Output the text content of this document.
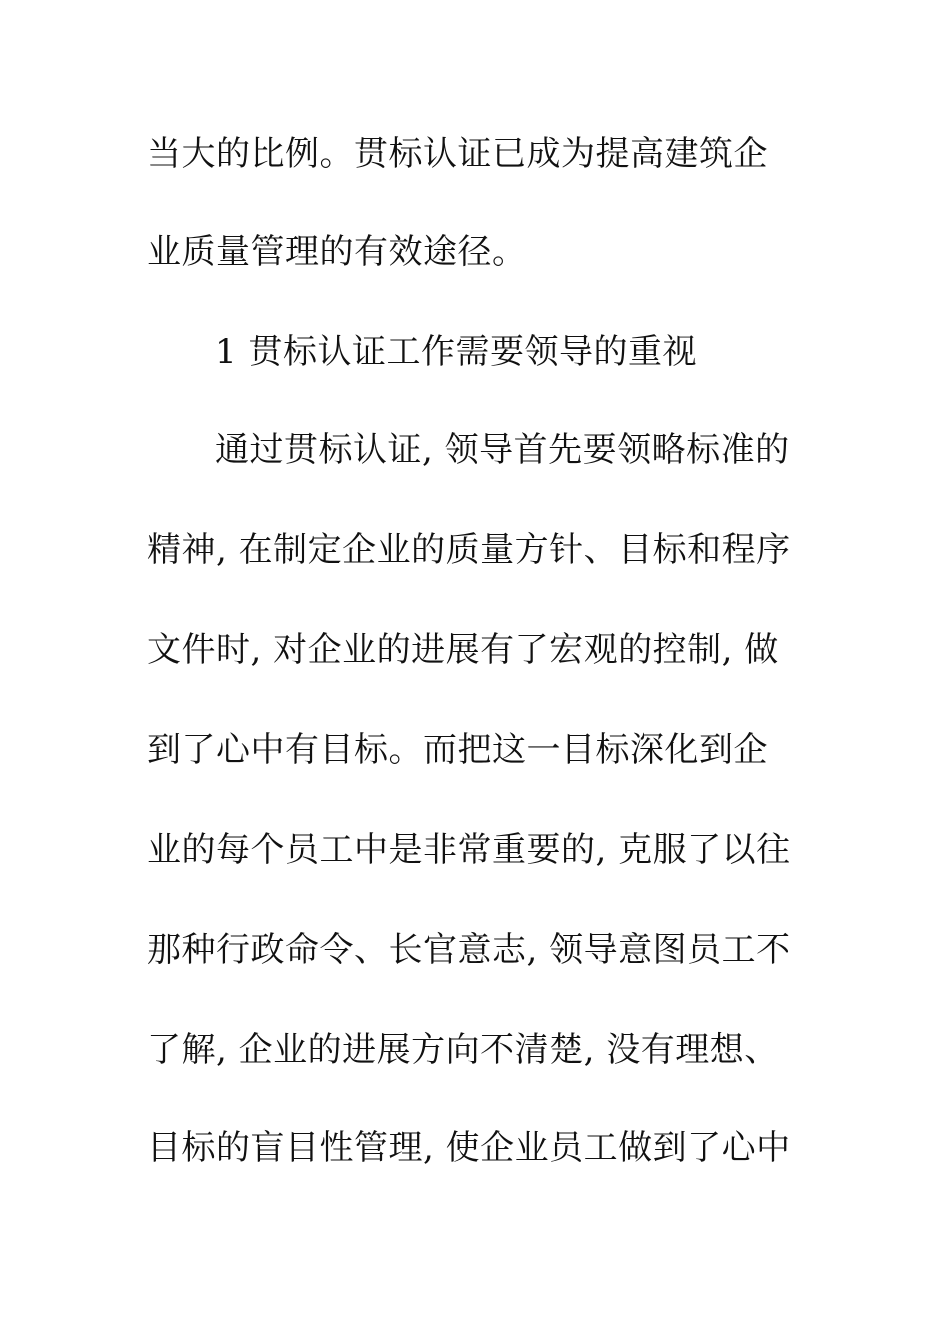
当大的比例。贯标认证已成为提高建筑企
业质量管理的有效途径。
1 贯标认证工作需要领导的重视
通过贯标认证, 领导首先要领略标准的
精神, 在制定企业的质量方针、目标和程序
文件时, 对企业的进展有了宏观的控制, 做
到了心中有目标。而把这一目标深化到企
业的每个员工中是非常重要的, 克服了以往
那种行政命令、长官意志, 领导意图员工不
了解, 企业的进展方向不清楚, 没有理想、
目标的盲目性管理, 使企业员工做到了心中
